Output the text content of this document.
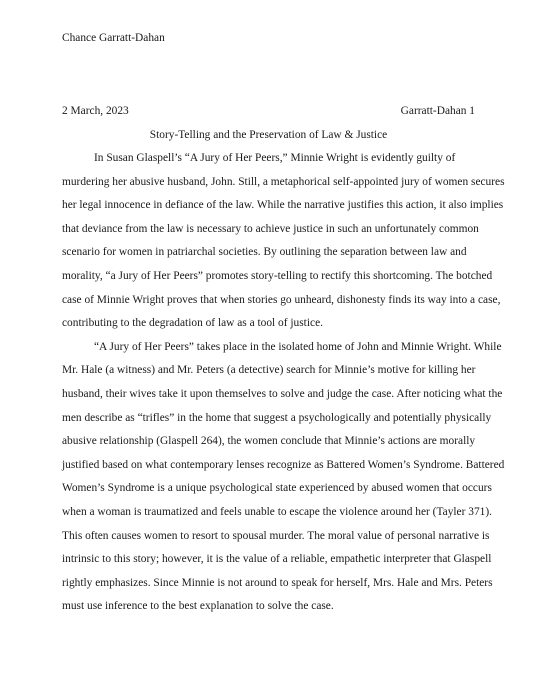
Chance Garratt-Dahan
2 March, 2023	Garratt-Dahan 1
Story-Telling and the Preservation of Law & Justice
In Susan Glaspell’s “A Jury of Her Peers,” Minnie Wright is evidently guilty of
murdering her abusive husband, John. Still, a metaphorical self-appointed jury of women secures
her legal innocence in defiance of the law. While the narrative justifies this action, it also implies
that deviance from the law is necessary to achieve justice in such an unfortunately common
scenario for women in patriarchal societies. By outlining the separation between law and
morality, “a Jury of Her Peers” promotes story-telling to rectify this shortcoming. The botched
case of Minnie Wright proves that when stories go unheard, dishonesty finds its way into a case,
contributing to the degradation of law as a tool of justice.
“A Jury of Her Peers” takes place in the isolated home of John and Minnie Wright. While
Mr. Hale (a witness) and Mr. Peters (a detective) search for Minnie’s motive for killing her
husband, their wives take it upon themselves to solve and judge the case. After noticing what the
men describe as “trifles” in the home that suggest a psychologically and potentially physically
abusive relationship (Glaspell 264), the women conclude that Minnie’s actions are morally
justified based on what contemporary lenses recognize as Battered Women’s Syndrome. Battered
Women’s Syndrome is a unique psychological state experienced by abused women that occurs
when a woman is traumatized and feels unable to escape the violence around her (Tayler 371).
This often causes women to resort to spousal murder. The moral value of personal narrative is
intrinsic to this story; however, it is the value of a reliable, empathetic interpreter that Glaspell
rightly emphasizes. Since Minnie is not around to speak for herself, Mrs. Hale and Mrs. Peters
must use inference to the best explanation to solve the case.
